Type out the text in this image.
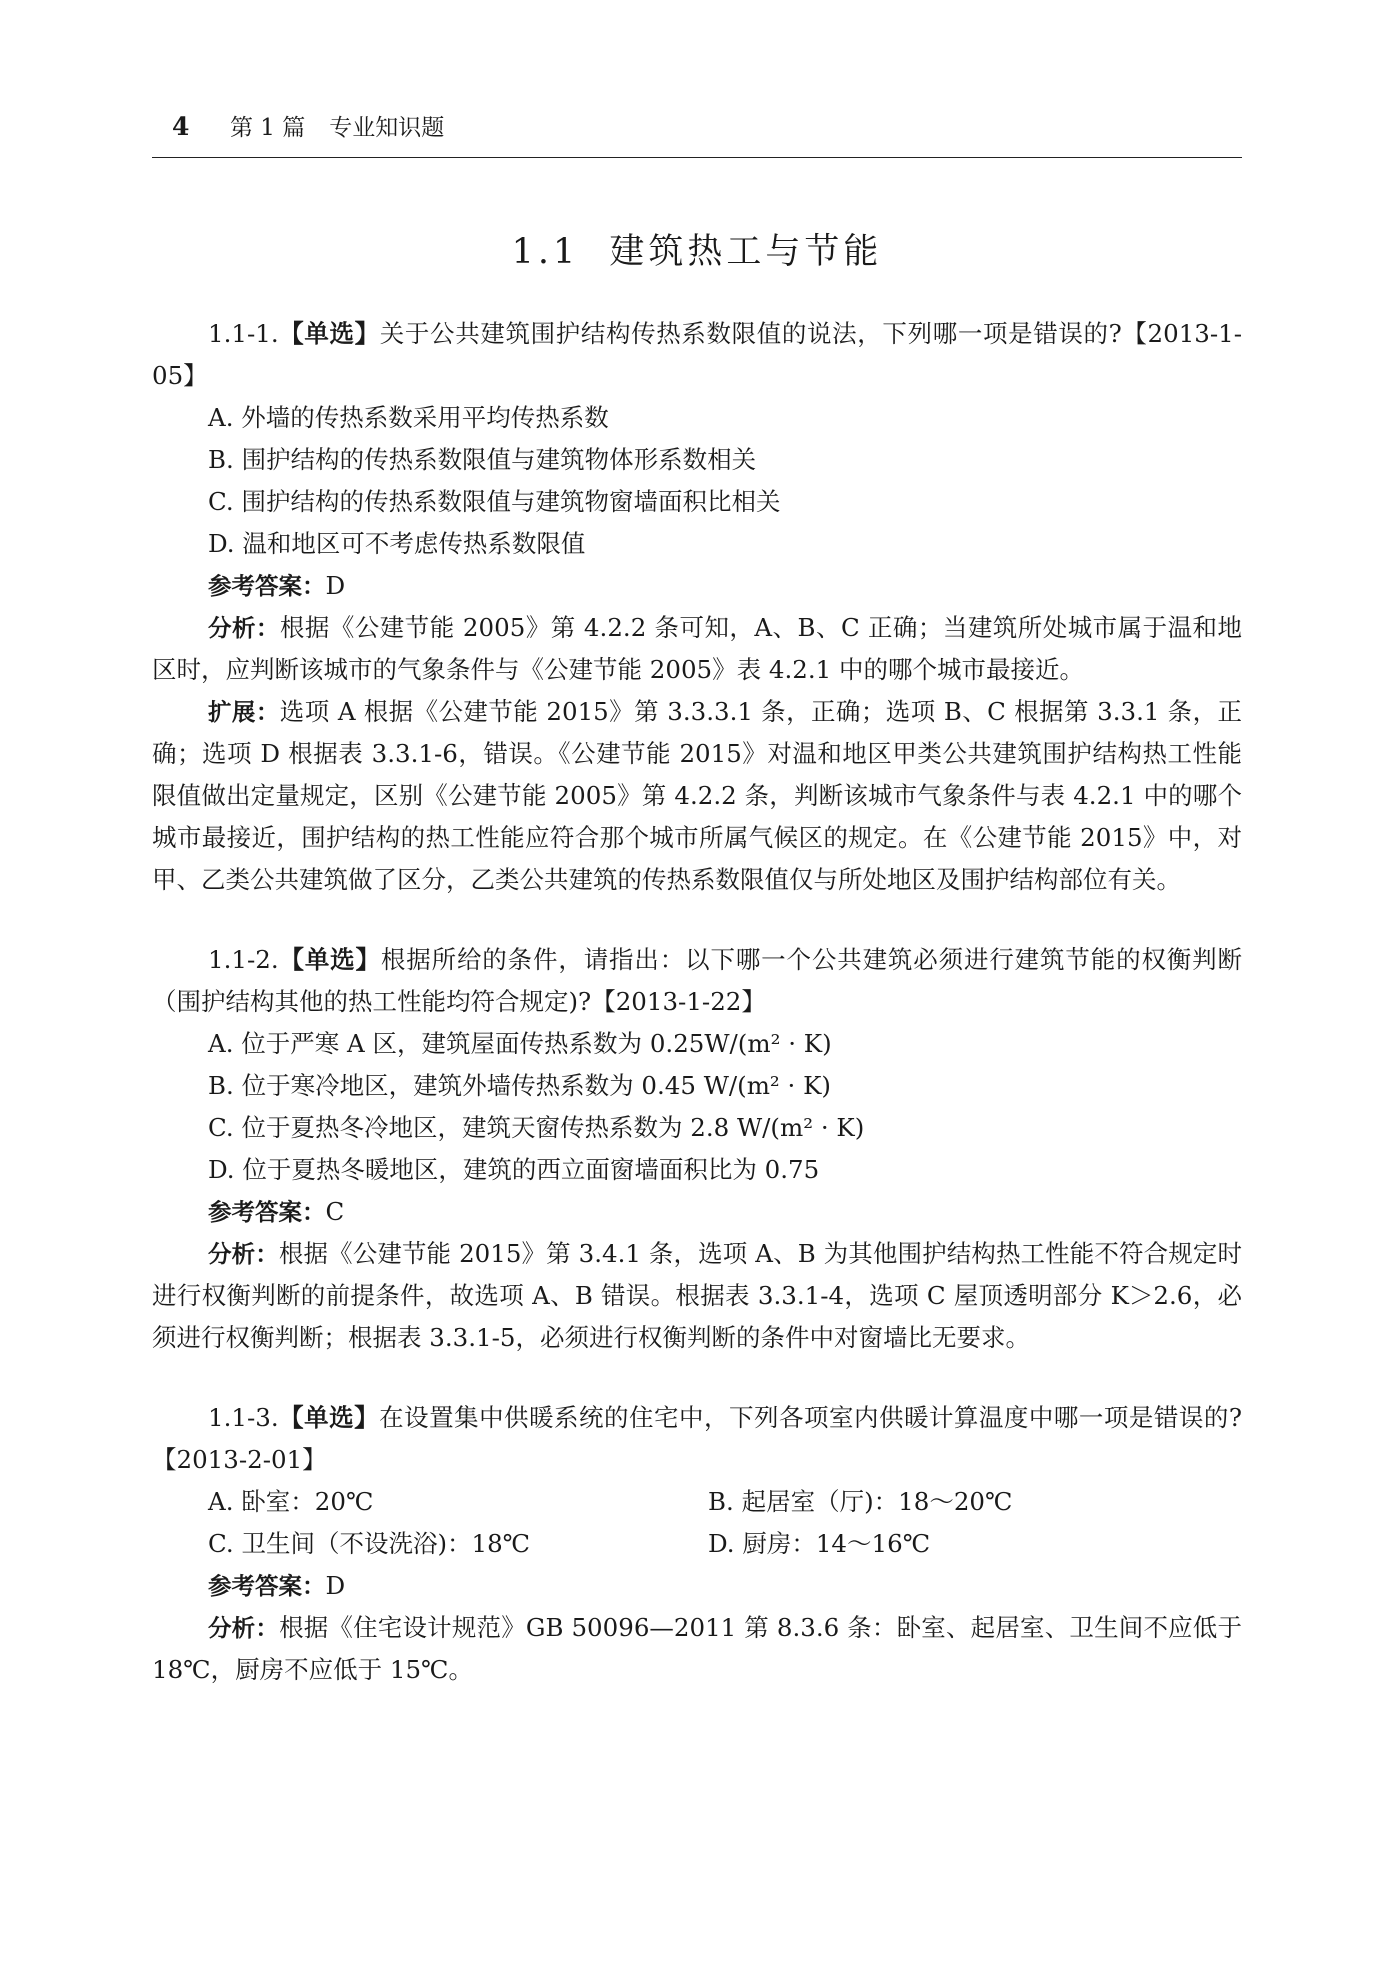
4	第 1 篇 专业知识题
1.1 建筑热工与节能

1.1-1.【单选】关于公共建筑围护结构传热系数限值的说法，下列哪一项是错误的?【2013-1-05】

A. 外墙的传热系数采用平均传热系数

B. 围护结构的传热系数限值与建筑物体形系数相关

C. 围护结构的传热系数限值与建筑物窗墙面积比相关

D. 温和地区可不考虑传热系数限值

参考答案：D

分析：根据《公建节能 2005》第 4.2.2 条可知，A、B、C 正确；当建筑所处城市属于温和地区时，应判断该城市的气象条件与《公建节能 2005》表 4.2.1 中的哪个城市最接近。

扩展：选项 A 根据《公建节能 2015》第 3.3.3.1 条，正确；选项 B、C 根据第 3.3.1 条，正确；选项 D 根据表 3.3.1-6，错误。《公建节能 2015》对温和地区甲类公共建筑围护结构热工性能限值做出定量规定，区别《公建节能 2005》第 4.2.2 条，判断该城市气象条件与表 4.2.1 中的哪个城市最接近，围护结构的热工性能应符合那个城市所属气候区的规定。在《公建节能 2015》中，对甲、乙类公共建筑做了区分，乙类公共建筑的传热系数限值仅与所处地区及围护结构部位有关。

1.1-2.【单选】根据所给的条件，请指出：以下哪一个公共建筑必须进行建筑节能的权衡判断（围护结构其他的热工性能均符合规定)?【2013-1-22】

A. 位于严寒 A 区，建筑屋面传热系数为 0.25W/(m² · K)

B. 位于寒冷地区，建筑外墙传热系数为 0.45 W/(m² · K)

C. 位于夏热冬冷地区，建筑天窗传热系数为 2.8 W/(m² · K)

D. 位于夏热冬暖地区，建筑的西立面窗墙面积比为 0.75

参考答案：C

分析：根据《公建节能 2015》第 3.4.1 条，选项 A、B 为其他围护结构热工性能不符合规定时进行权衡判断的前提条件，故选项 A、B 错误。根据表 3.3.1-4，选项 C 屋顶透明部分 K＞2.6，必须进行权衡判断；根据表 3.3.1-5，必须进行权衡判断的条件中对窗墙比无要求。

1.1-3.【单选】在设置集中供暖系统的住宅中，下列各项室内供暖计算温度中哪一项是错误的?【2013-2-01】

A. 卧室：20℃	B. 起居室（厅)：18～20℃

C. 卫生间（不设洗浴)：18℃	D. 厨房：14～16℃

参考答案：D

分析：根据《住宅设计规范》GB 50096—2011 第 8.3.6 条：卧室、起居室、卫生间不应低于 18℃，厨房不应低于 15℃。
